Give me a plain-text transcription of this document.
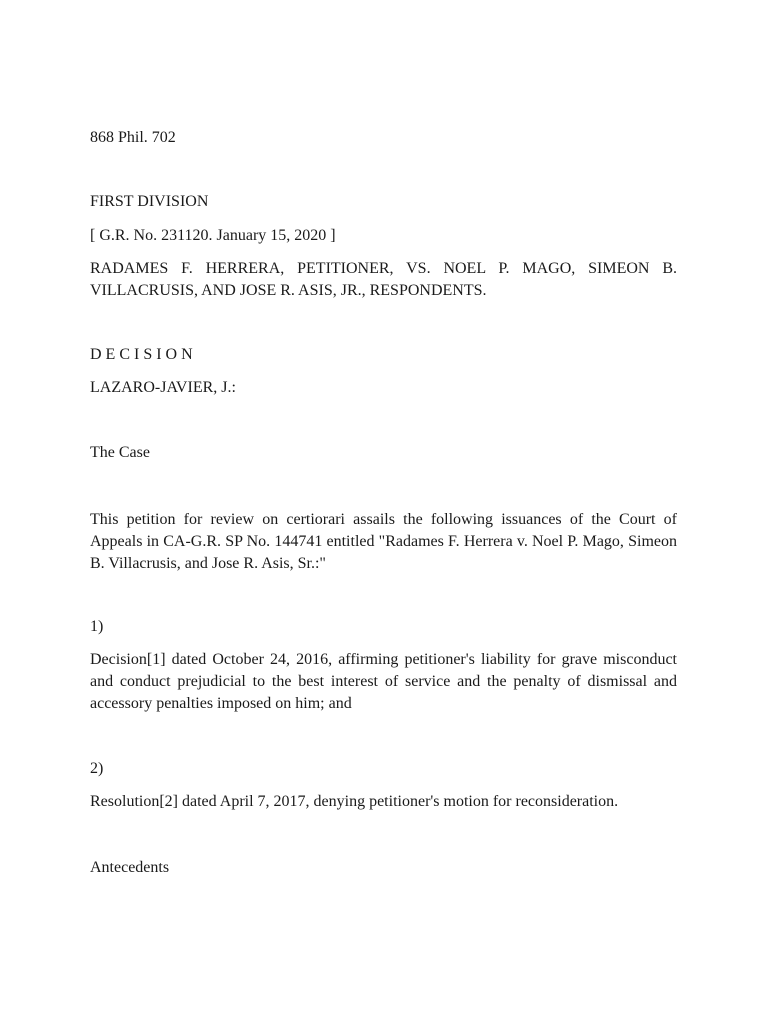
868 Phil. 702
FIRST DIVISION
[ G.R. No. 231120. January 15, 2020 ]
RADAMES F. HERRERA, PETITIONER, VS. NOEL P. MAGO, SIMEON B. VILLACRUSIS, AND JOSE R. ASIS, JR., RESPONDENTS.
D E C I S I O N
LAZARO-JAVIER, J.:
The Case
This petition for review on certiorari assails the following issuances of the Court of Appeals in CA-G.R. SP No. 144741 entitled "Radames F. Herrera v. Noel P. Mago, Simeon B. Villacrusis, and Jose R. Asis, Sr.:"
1)
Decision[1] dated October 24, 2016, affirming petitioner's liability for grave misconduct and conduct prejudicial to the best interest of service and the penalty of dismissal and accessory penalties imposed on him; and
2)
Resolution[2] dated April 7, 2017, denying petitioner's motion for reconsideration.
Antecedents
